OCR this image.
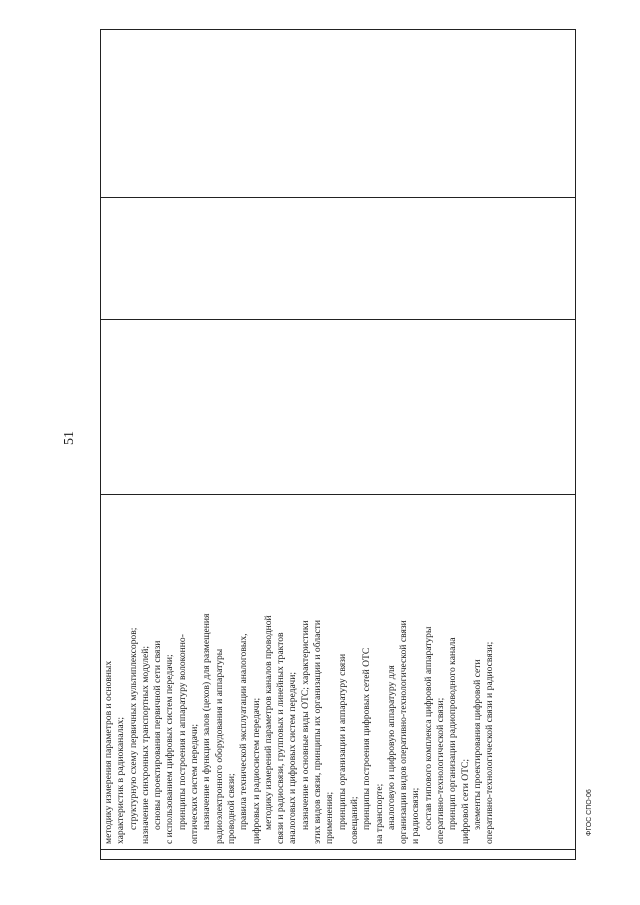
51

методику измерения параметров и основных характеристик в радиоканалах; структурную схему первичных мультиплексоров; назначение синхронных транспортных модулей; основы проектирования первичной сети связи с использованием цифровых систем передачи; принципы построения и аппаратуру волоконно- оптических систем передачи; назначение и функции залов (цехов) для размещения радиоэлектронного оборудования и аппаратуры проводной связи; правила технической эксплуатации аналоговых, цифровых и радиосистем передачи; методику измерений параметров каналов проводной связи и радиосвязи, групповых и линейных трактов аналоговых и цифровых систем передачи; назначение и основные виды ОТС; характеристики этих видов связи, принципы их организации и области применения; принципы организации и аппаратуру связи совещаний; принципы построения цифровых сетей ОТС на транспорте; аналоговую и цифровую аппаратуру для организации видов оперативно-технологической связи и радиосвязи; состав типового комплекса цифровой аппаратуры оперативно-технологической связи; принцип организации радиопроводного канала цифровой сети ОТС; элементы проектирования цифровой сети оперативно-технологической связи и радиосвязи;
				ФГОС СПО-06
